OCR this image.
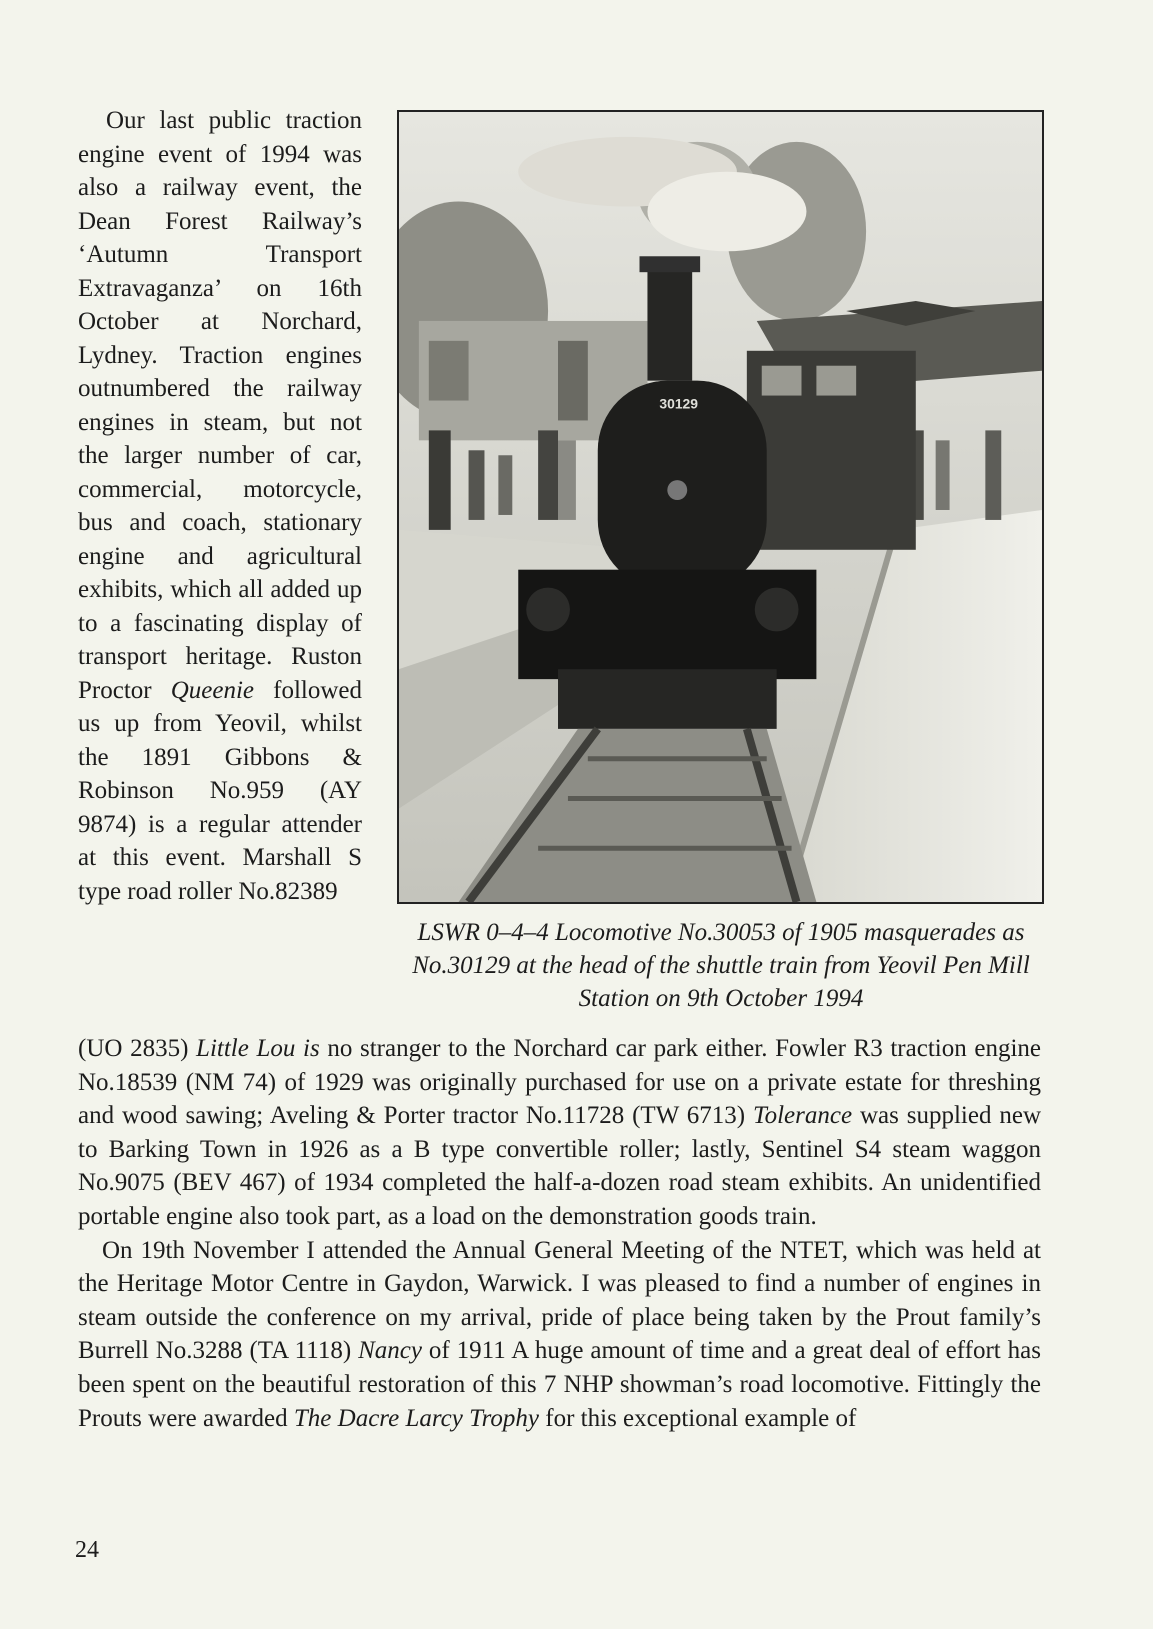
Our last public traction engine event of 1994 was also a railway event, the Dean Forest Railway’s ‘Autumn Transport Extravaganza’ on 16th October at Norchard, Lydney. Traction engines outnumbered the railway engines in steam, but not the larger number of car, commercial, motorcycle, bus and coach, stationary engine and agricultural exhibits, which all added up to a fascinating display of transport heritage. Ruston Proctor Queenie followed us up from Yeovil, whilst the 1891 Gibbons & Robinson No.959 (AY 9874) is a regular attender at this event. Marshall S type road roller No.82389

30129
LSWR 0–4–4 Locomotive No.30053 of 1905 masquerades as No.30129 at the head of the shuttle train from Yeovil Pen Mill Station on 9th October 1994

(UO 2835) Little Lou is no stranger to the Norchard car park either. Fowler R3 traction engine No.18539 (NM 74) of 1929 was originally purchased for use on a private estate for threshing and wood sawing; Aveling & Porter tractor No.11728 (TW 6713) Tolerance was supplied new to Barking Town in 1926 as a B type convertible roller; lastly, Sentinel S4 steam waggon No.9075 (BEV 467) of 1934 completed the half-a-dozen road steam exhibits. An unidentified portable engine also took part, as a load on the demonstration goods train.

On 19th November I attended the Annual General Meeting of the NTET, which was held at the Heritage Motor Centre in Gaydon, Warwick. I was pleased to find a number of engines in steam outside the conference on my arrival, pride of place being taken by the Prout family’s Burrell No.3288 (TA 1118) Nancy of 1911 A huge amount of time and a great deal of effort has been spent on the beautiful restoration of this 7 NHP showman’s road locomotive. Fittingly the Prouts were awarded The Dacre Larcy Trophy for this exceptional example of

24
